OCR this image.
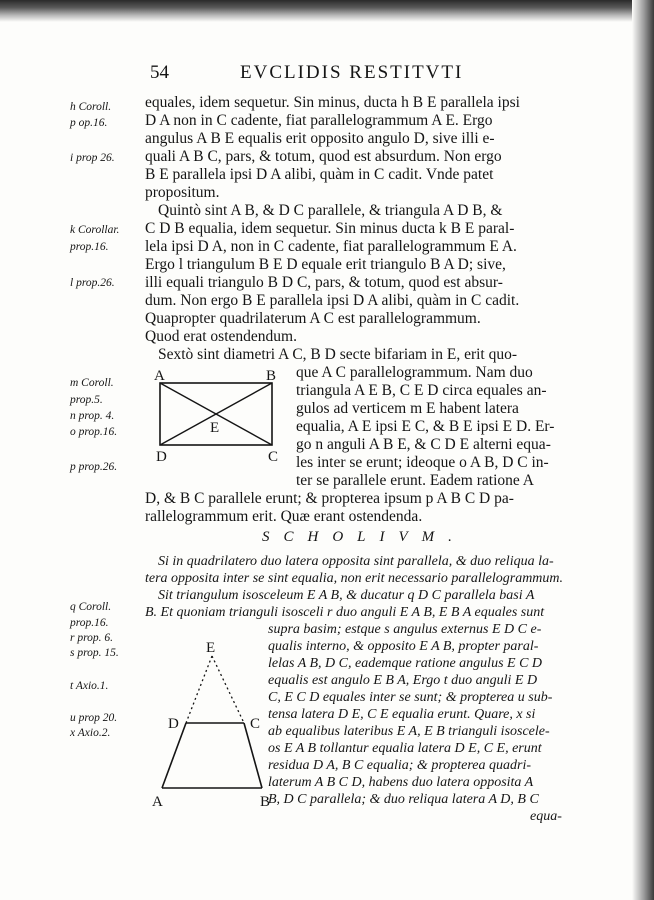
54	EVCLIDIS RESTITVTI
h Coroll.
p op.16.
i prop 26.
k Corollar.
prop.16.
l prop.26.
m Coroll.
prop.5.
n prop. 4.
o prop.16.
p prop.26.
q Coroll.
prop.16.
r prop. 6.
s prop. 15.
t Axio.1.
u prop 20.
x Axio.2.
equales, idem sequetur. Sin minus, ducta h B E parallela ipsi
D A non in C cadente, fiat parallelogrammum A E. Ergo
angulus A B E equalis erit opposito angulo D, sive illi e-
quali A B C, pars, & totum, quod est absurdum. Non ergo
B E parallela ipsi D A alibi, quàm in C cadit. Vnde patet
propositum.
Quintò sint A B, & D C parallele, & triangula A D B, &
C D B equalia, idem sequetur. Sin minus ducta k B E paral-
lela ipsi D A, non in C cadente, fiat parallelogrammum E A.
Ergo l triangulum B E D equale erit triangulo B A D; sive,
illi equali triangulo B D C, pars, & totum, quod est absur-
dum. Non ergo B E parallela ipsi D A alibi, quàm in C cadit.
Quapropter quadrilaterum A C est parallelogrammum.
Quod erat ostendendum.
Sextò sint diametri A C, B D secte bifariam in E, erit quo-
que A C parallelogrammum. Nam duo
triangula A E B, C E D circa equales an-
gulos ad verticem m E habent latera
equalia, A E ipsi E C, & B E ipsi E D. Er-
go n anguli A B E, & C D E alterni equa-
les inter se erunt; ideoque o A B, D C in-
ter se parallele erunt. Eadem ratione A
D, & B C parallele erunt; & propterea ipsum p A B C D pa-
rallelogrammum erit. Quæ erant ostendenda.
A	B
C
D
E
SCHOLIVM.
Si in quadrilatero duo latera opposita sint parallela, & duo reliqua la-
tera opposita inter se sint equalia, non erit necessario parallelogrammum.
Sit triangulum isosceleum E A B, & ducatur q D C parallela basi A
B. Et quoniam trianguli isosceli r duo anguli E A B, E B A equales sunt
supra basim; estque s angulus externus E D C e-
qualis interno, & opposito E A B, propter paral-
lelas A B, D C, eademque ratione angulus E C D
equalis est angulo E B A, Ergo t duo anguli E D
C, E C D equales inter se sunt; & propterea u sub-
tensa latera D E, C E equalia erunt. Quare, x si
ab equalibus lateribus E A, E B trianguli isoscele-
os E A B tollantur equalia latera D E, C E, erunt
residua D A, B C equalia; & propterea quadri-
laterum A B C D, habens duo latera opposita A
B, D C parallela; & duo reliqua latera A D, B C
equa-
E
D	C
A	B
